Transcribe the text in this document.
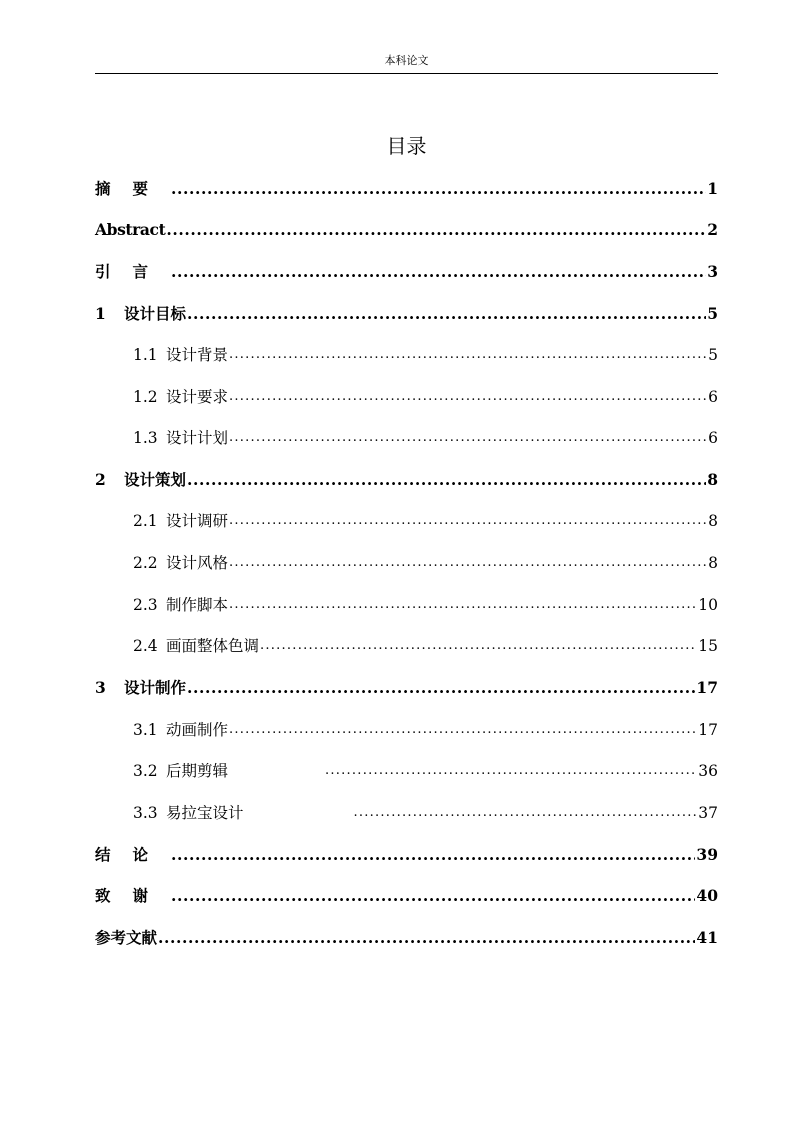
本科论文
目录
摘要 .....	1
Abstract .....	2
引言 .....	3
1	设计目标 .....	5
1.1 设计背景 .....	5
1.2 设计要求 .....	6
1.3 设计计划 .....	6
2	设计策划 .....	8
2.1 设计调研 .....	8
2.2 设计风格 .....	8
2.3 制作脚本 .....	10
2.4 画面整体色调 .....	15
3	设计制作 .....	17
3.1 动画制作 .....	17
3.2 后期剪辑 .....	36
3.3 易拉宝设计 .....	37
结论 .....	39
致谢 .....	40
参考文献 .....	41
